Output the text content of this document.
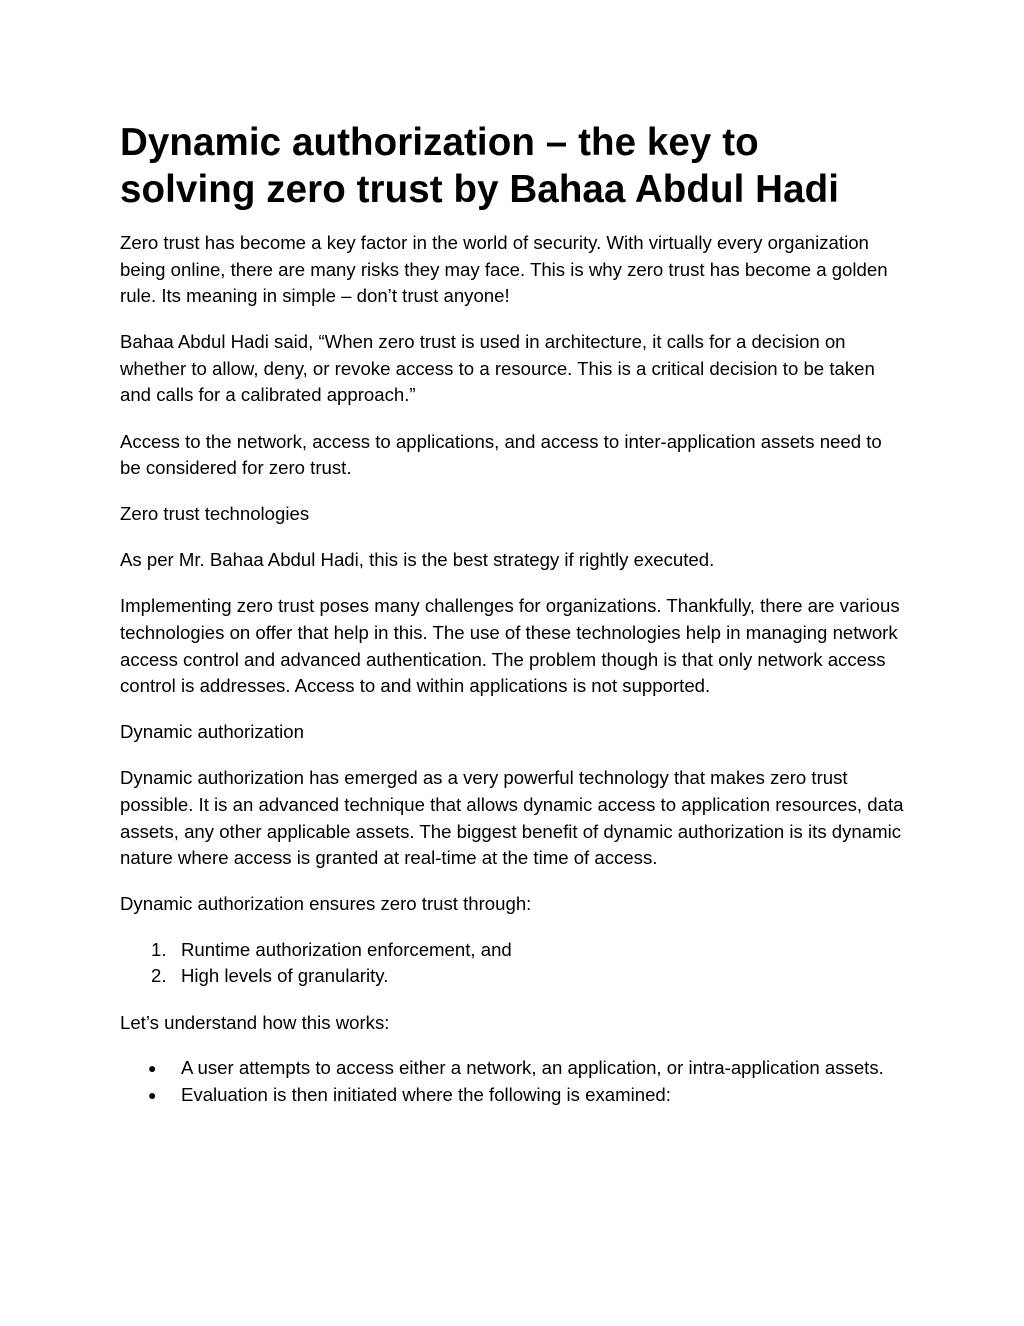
Dynamic authorization – the key to solving zero trust by Bahaa Abdul Hadi

Zero trust has become a key factor in the world of security. With virtually every organization being online, there are many risks they may face. This is why zero trust has become a golden rule. Its meaning in simple – don’t trust anyone!

Bahaa Abdul Hadi said, “When zero trust is used in architecture, it calls for a decision on whether to allow, deny, or revoke access to a resource. This is a critical decision to be taken and calls for a calibrated approach.”

Access to the network, access to applications, and access to inter-application assets need to be considered for zero trust.

Zero trust technologies

As per Mr. Bahaa Abdul Hadi, this is the best strategy if rightly executed.

Implementing zero trust poses many challenges for organizations. Thankfully, there are various technologies on offer that help in this. The use of these technologies help in managing network access control and advanced authentication. The problem though is that only network access control is addresses. Access to and within applications is not supported.

Dynamic authorization

Dynamic authorization has emerged as a very powerful technology that makes zero trust possible. It is an advanced technique that allows dynamic access to application resources, data assets, any other applicable assets. The biggest benefit of dynamic authorization is its dynamic nature where access is granted at real-time at the time of access.

Dynamic authorization ensures zero trust through:

1. Runtime authorization enforcement, and
2. High levels of granularity.

Let’s understand how this works:

● A user attempts to access either a network, an application, or intra-application assets.
● Evaluation is then initiated where the following is examined:
